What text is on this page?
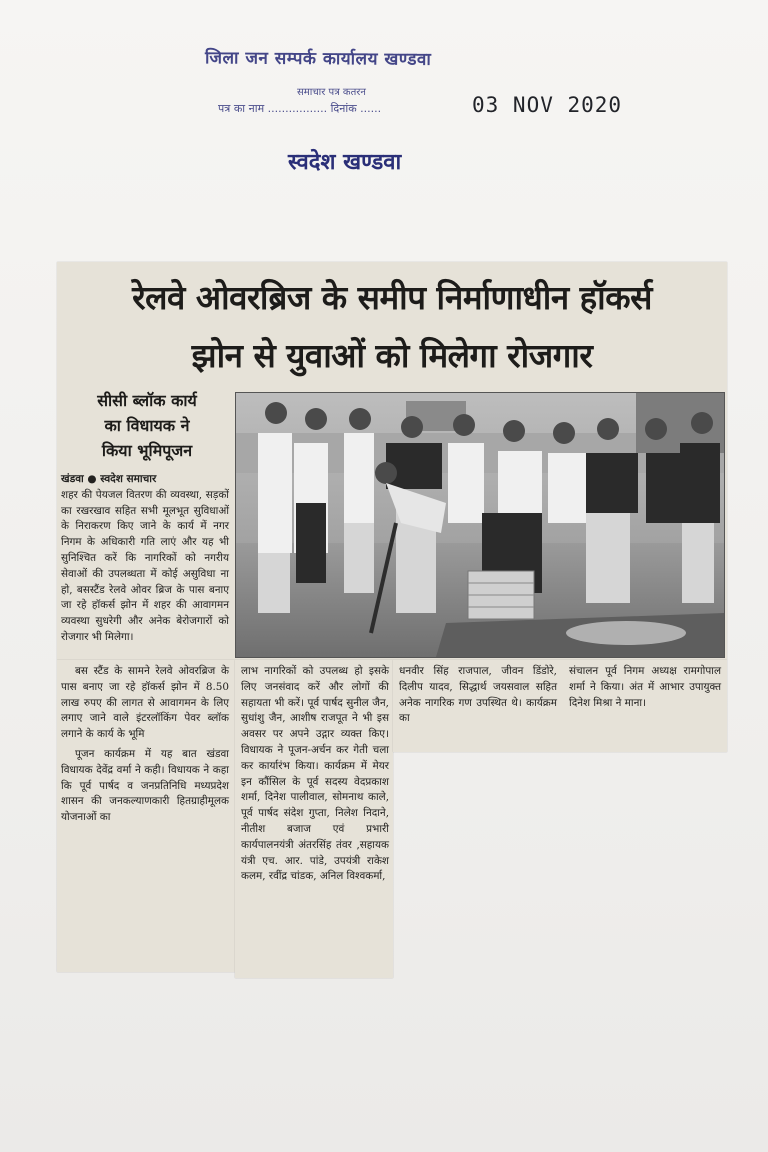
जिला जन सम्पर्क कार्यालय खण्डवा
समाचार पत्र कतरन
पत्र का नाम ................. दिनांक ......	03 NOV 2020
स्वदेश खण्डवा
रेलवे ओवरब्रिज के समीप निर्माणाधीन हॉकर्स
झोन से युवाओं को मिलेगा रोजगार
सीसी ब्लॉक कार्य
का विधायक ने
किया भूमिपूजन
खंडवा ● स्वदेश समाचार

शहर की पेयजल वितरण की व्यवस्था, सड़कों का रखरखाव सहित सभी मूलभूत सुविधाओं के निराकरण किए जाने के कार्य में नगर निगम के अधिकारी गति लाएं और यह भी सुनिश्चित करें कि नागरिकों को नगरीय सेवाओं की उपलब्धता में कोई असुविधा ना हो, बसस्टैंड रेलवे ओवर ब्रिज के पास बनाए जा रहे हॉकर्स झोन में शहर की आवागमन व्यवस्था सुधरेगी और अनेक बेरोजगारों को रोजगार भी मिलेगा।

बस स्टैंड के सामने रेलवे ओवरब्रिज के पास बनाए जा रहे हॉकर्स झोन में 8.50 लाख रुपए की लागत से आवागमन के लिए लगाए जाने वाले इंटरलॉकिंग पेवर ब्लॉक लगाने के कार्य के भूमि

पूजन कार्यक्रम में यह बात खंडवा विधायक देवेंद्र वर्मा ने कही। विधायक ने कहा कि पूर्व पार्षद व जनप्रतिनिधि मध्यप्रदेश शासन की जनकल्याणकारी हितग्राहीमूलक योजनाओं का

लाभ नागरिकों को उपलब्ध हो इसके लिए जनसंवाद करें और लोगों की सहायता भी करें। पूर्व पार्षद सुनील जैन, सुधांशु जैन, आशीष राजपूत ने भी इस अवसर पर अपने उद्गार व्यक्त किए। विधायक ने पूजन-अर्चन कर गेती चला कर कार्यारंभ किया। कार्यक्रम में मेयर इन कौंसिल के पूर्व सदस्य वेदप्रकाश शर्मा, दिनेश पालीवाल, सोमनाथ काले, पूर्व पार्षद संदेश गुप्ता, निलेश निदाने, नीतीश बजाज एवं प्रभारी कार्यपालनयंत्री अंतरसिंह तंवर ,सहायक यंत्री एच. आर. पांडे, उपयंत्री राकेश कलम, रवींद्र चांडक, अनिल विश्वकर्मा,
धनवीर सिंह राजपाल, जीवन डिंडोरे, दिलीप यादव, सिद्धार्थ जयसवाल सहित अनेक नागरिक गण उपस्थित थे। कार्यक्रम का
संचालन पूर्व निगम अध्यक्ष रामगोपाल शर्मा ने किया। अंत में आभार उपायुक्त दिनेश मिश्रा ने माना।
